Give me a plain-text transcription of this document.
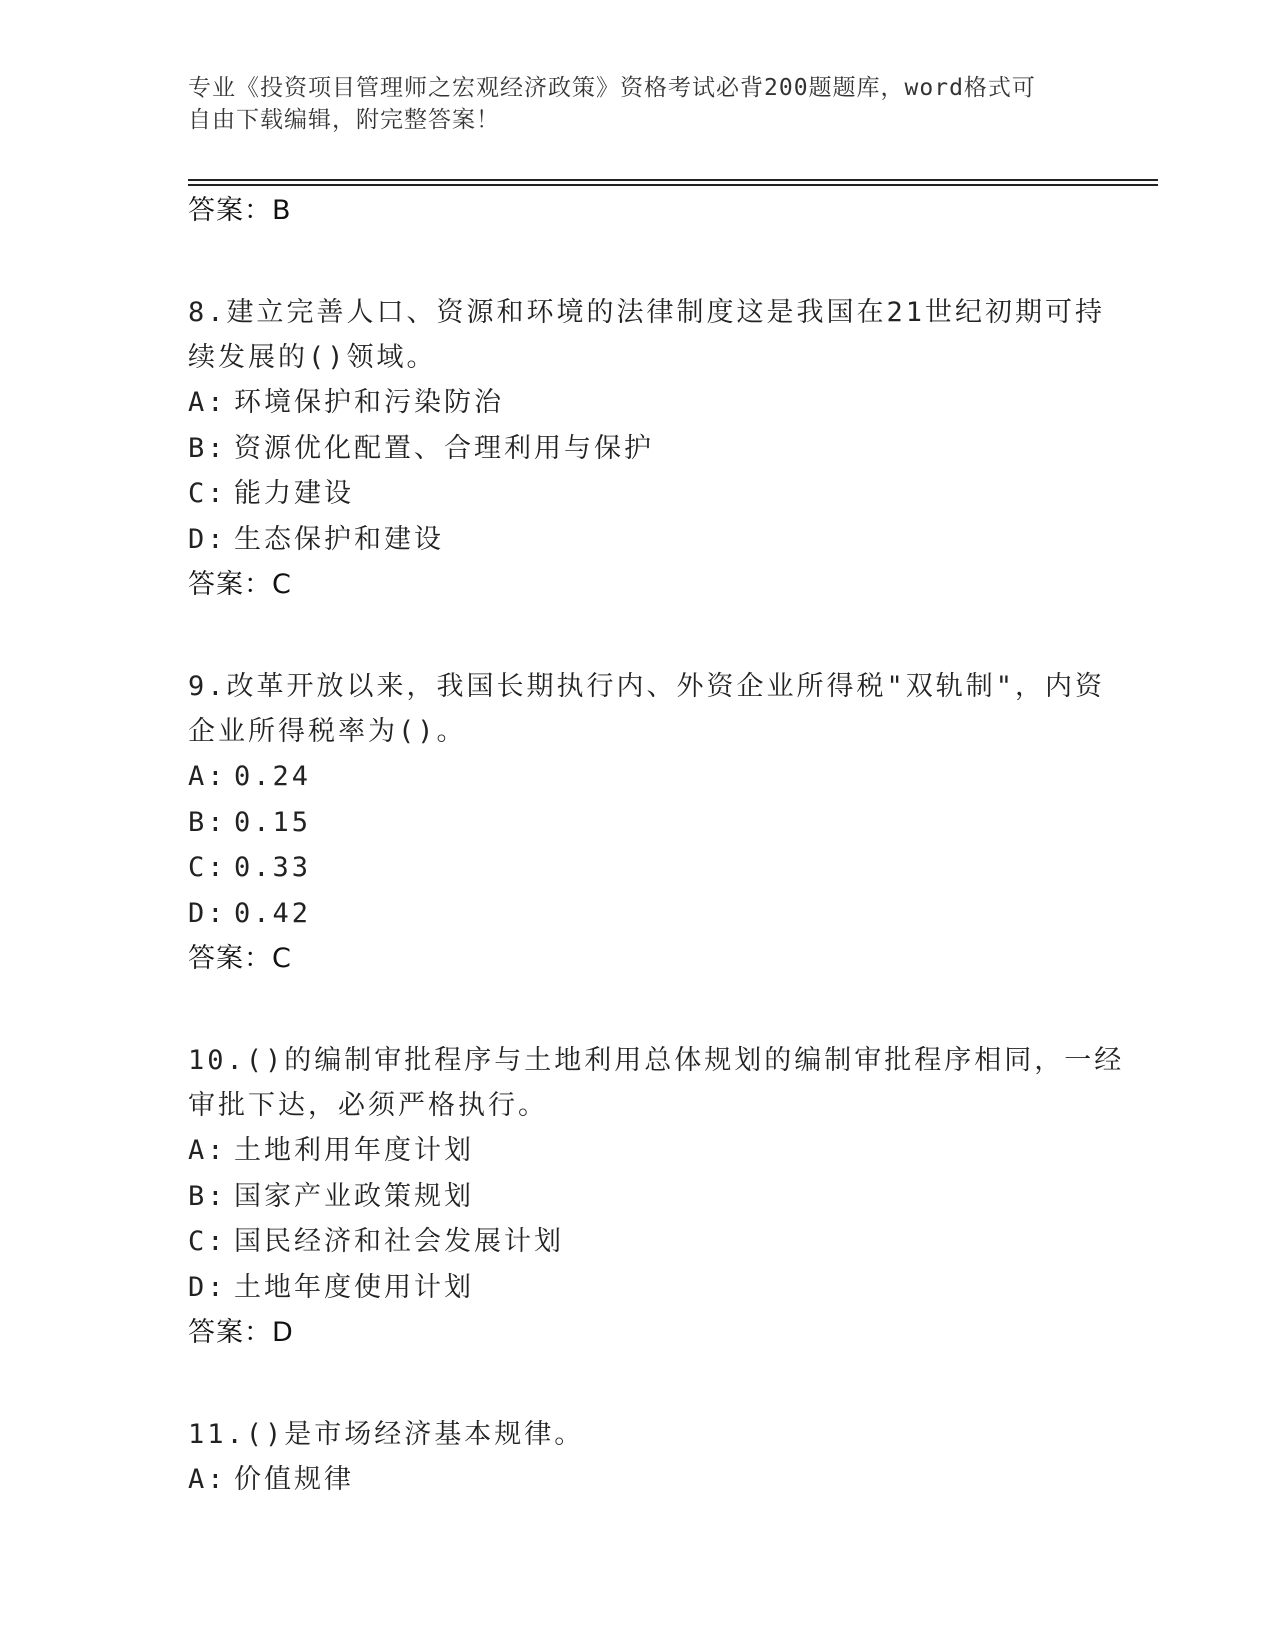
专业《投资项目管理师之宏观经济政策》资格考试必背200题题库，word格式可
自由下载编辑，附完整答案！
答案：B
8.建立完善人口、资源和环境的法律制度这是我国在21世纪初期可持
续发展的()领域。
A: 环境保护和污染防治
B: 资源优化配置、合理利用与保护
C: 能力建设
D: 生态保护和建设
答案：C
9.改革开放以来，我国长期执行内、外资企业所得税"双轨制"，内资
企业所得税率为()。
A: 0.24
B: 0.15
C: 0.33
D: 0.42
答案：C
10.()的编制审批程序与土地利用总体规划的编制审批程序相同，一经
审批下达，必须严格执行。
A: 土地利用年度计划
B: 国家产业政策规划
C: 国民经济和社会发展计划
D: 土地年度使用计划
答案：D
11.()是市场经济基本规律。
A: 价值规律
